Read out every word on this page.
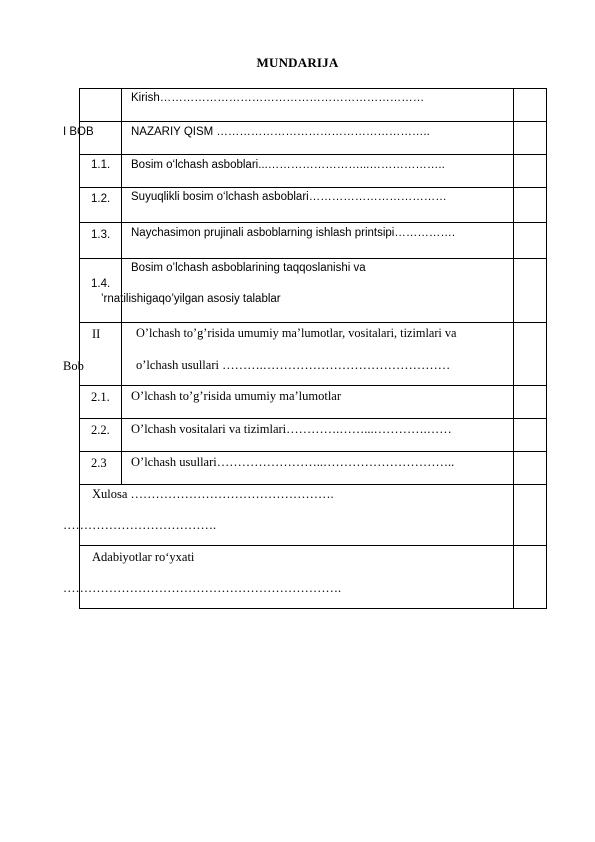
MUNDARIJA
Kirish……………………………………………………………
I BOB	NAZARIY QISM ………………………………………………..
1.1. Bosim o‘lchash asboblari...……………………...………………..
1.2. Suyuqlikli bosim o‘lchash asboblari………………………………
1.3. Naychasimon prujinali asboblarning ishlash printsipi…………….
1.4.
Bosim o’lchash asboblarining taqqoslanishi va
’rnatilishigaqo’yilgan asosiy talablar
II
Bob
O’lchash to’g’risida umumiy ma’lumotlar, vositalari, tizimlari va
o’lchash usullari ……….………………………………………
2.1. O’lchash to’g’risida umumiy ma’lumotlar
2.2. O’lchash vositalari va tizimlari………….……...………….……
2.3 O’lchash usullari……………………..…………………………..
Xulosa ………………………………………….
……………………………….
Adabiyotlar ro‘yxati
………………………………………………………….
